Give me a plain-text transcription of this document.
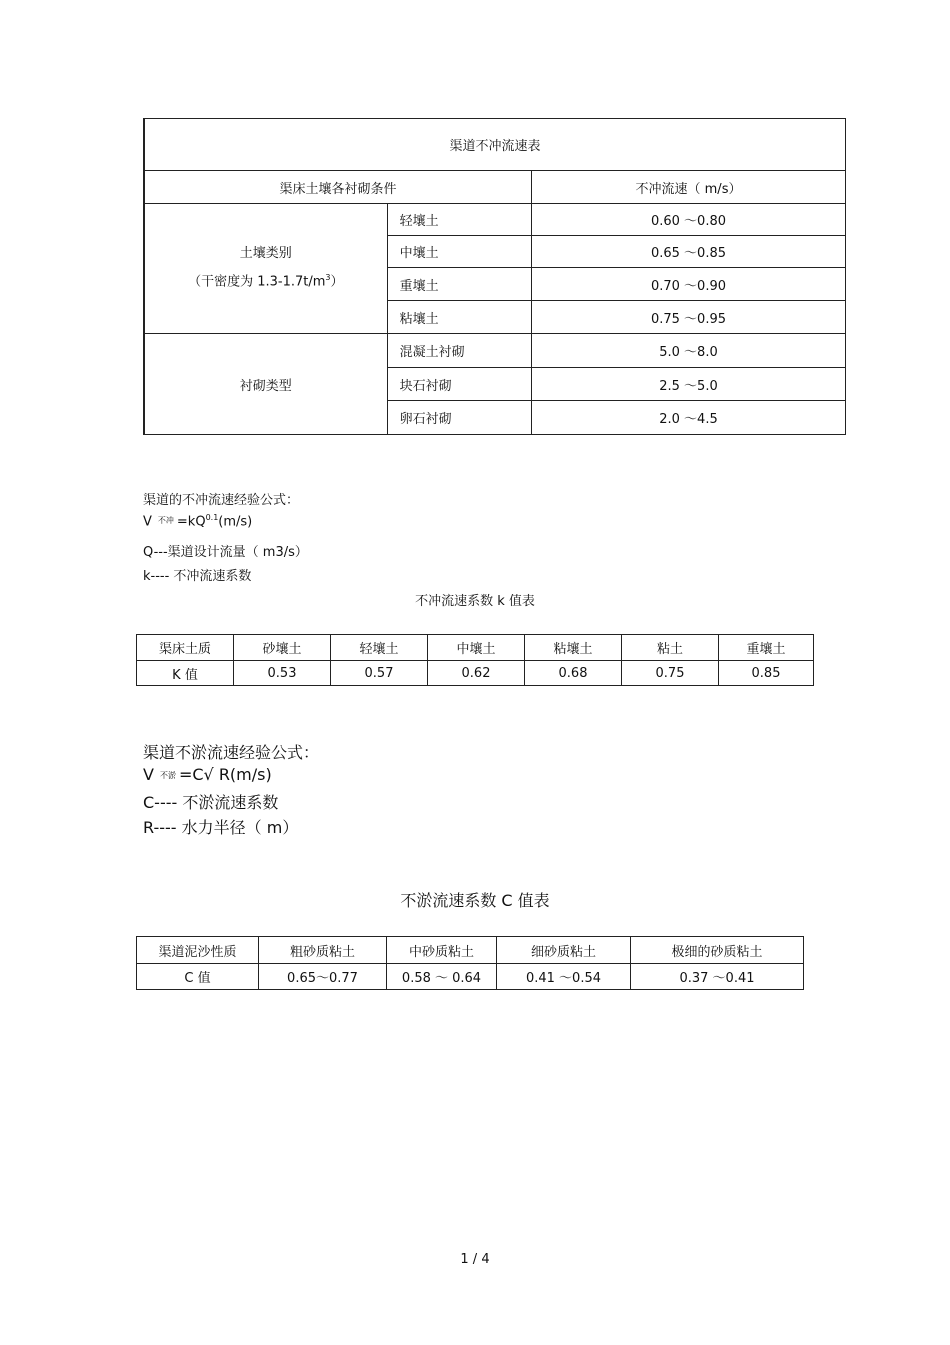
渠道不冲流速表		
渠床土壤各衬砌条件		不冲流速（ m/s）

土壤类别
（干密度为 $1.3-1.7t/m^3$）	轻壤土	0.60 ～0.80
	中壤土	0.65 ～0.85
	重壤土	0.70 ～0.90
	粘壤土	0.75 ～0.95
衬砌类型	混凝土衬砌	5.0 ～8.0
	块石衬砌	2.5 ～5.0
	卵石衬砌	2.0 ～4.5
渠道的不冲流速经验公式：
V不冲 $=kQ^{0.1}(m/s)$
Q---渠道设计流量（ m3/s）
k---- 不冲流速系数
不冲流速系数 k 值表
渠床土质	砂壤土	轻壤土	中壤土	粘壤土	粘土	重壤土
K 值	0.53	0.57	0.62	0.68	0.75	0.85
渠道不淤流速经验公式：
V不淤 =C√ R(m/s)
C---- 不淤流速系数
R---- 水力半径（ m）
不淤流速系数 C 值表
渠道泥沙性质	粗砂质粘土	中砂质粘土	细砂质粘土	极细的砂质粘土
C 值	0.65～0.77	0.58 ～ 0.64	0.41 ～0.54	0.37 ～0.41
1 / 4
